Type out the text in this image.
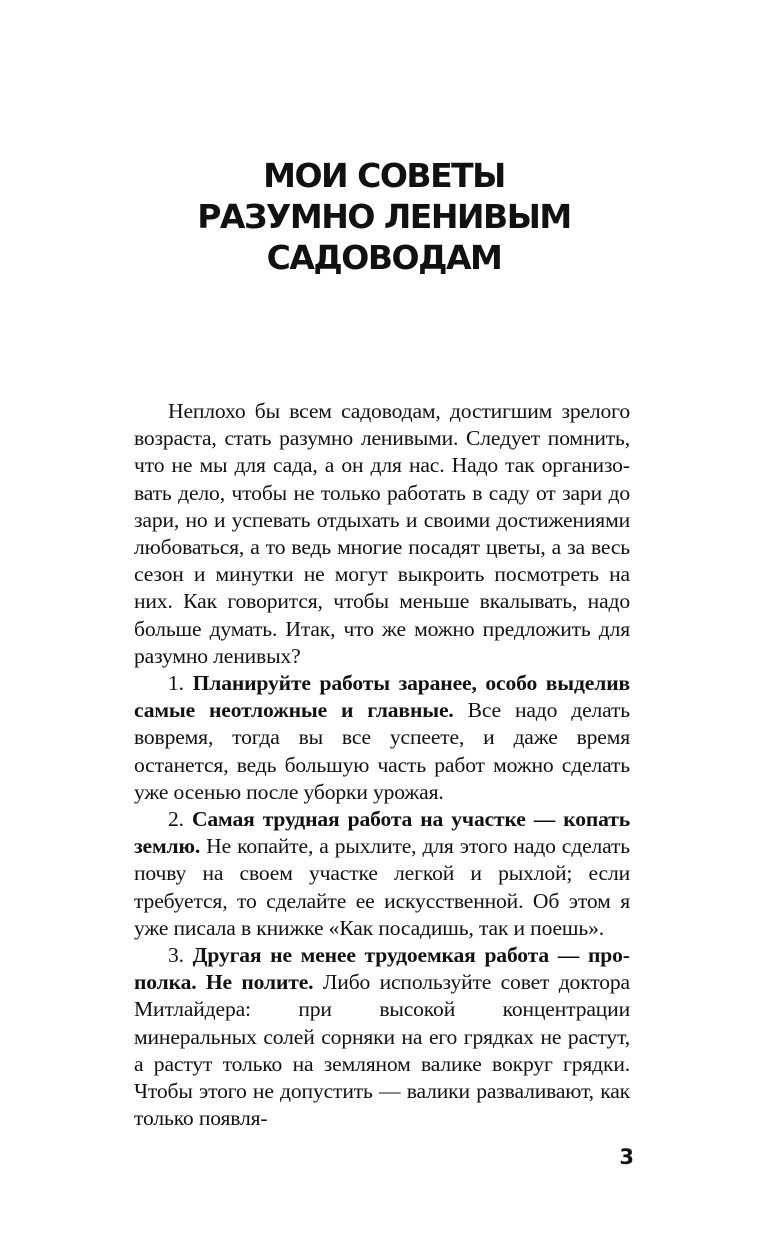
МОИ СОВЕТЫ
РАЗУМНО ЛЕНИВЫМ
САДОВОДАМ

Неплохо бы всем садоводам, достигшим зрелого возраста, стать разумно ленивыми. Следует помнить, что не мы для сада, а он для нас. Надо так организовать дело, чтобы не только работать в саду от зари до зари, но и успевать отдыхать и своими достижениями любоваться, а то ведь многие посадят цветы, а за весь сезон и минутки не могут выкроить посмотреть на них. Как говорится, чтобы меньше вкалывать, надо больше думать. Итак, что же можно предложить для разумно ленивых?

1. Планируйте работы заранее, особо выделив самые неотложные и главные. Все надо делать вовремя, тогда вы все успеете, и даже время останется, ведь большую часть работ можно сделать уже осенью после уборки урожая.

2. Самая трудная работа на участке — копать землю. Не копайте, а рыхлите, для этого надо сделать почву на своем участке легкой и рыхлой; если требуется, то сделайте ее искусственной. Об этом я уже писала в книжке «Как посадишь, так и поешь».

3. Другая не менее трудоемкая работа — прополка. Не полите. Либо используйте совет доктора Митлайдера: при высокой концентрации минеральных солей сорняки на его грядках не растут, а растут только на земляном валике вокруг грядки. Чтобы этого не допустить — валики разваливают, как только появля-

3
